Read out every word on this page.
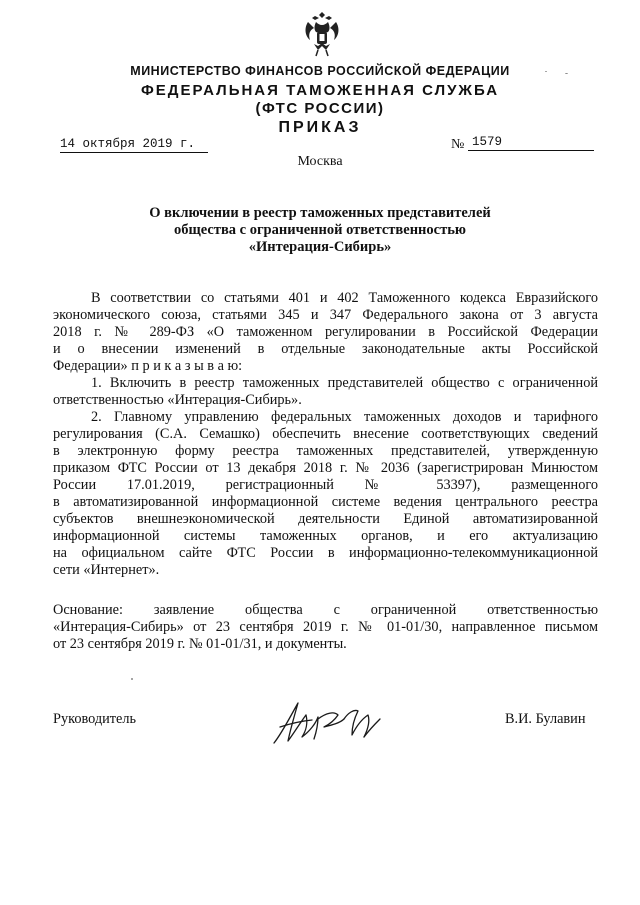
МИНИСТЕРСТВО ФИНАНСОВ РОССИЙСКОЙ ФЕДЕРАЦИИ
ФЕДЕРАЛЬНАЯ ТАМОЖЕННАЯ СЛУЖБА
(ФТС РОССИИ)
ПРИКАЗ
14 октября 2019 г.	№ 1579
Москва
О включении в реестр таможенных представителей
общества с ограниченной ответственностью
«Интерация-Сибирь»
В соответствии со статьями 401 и 402 Таможенного кодекса Евразийского
экономического союза, статьями 345 и 347 Федерального закона от 3 августа
2018 г. № 289-ФЗ «О таможенном регулировании в Российской Федерации
и о внесении изменений в отдельные законодательные акты Российской
Федерации» п р и к а з ы в а ю:
1. Включить в реестр таможенных представителей общество с ограниченной
ответственностью «Интерация-Сибирь».
2. Главному управлению федеральных таможенных доходов и тарифного
регулирования (С.А. Семашко) обеспечить внесение соответствующих сведений
в электронную форму реестра таможенных представителей, утвержденную
приказом ФТС России от 13 декабря 2018 г. № 2036 (зарегистрирован Минюстом
России 17.01.2019, регистрационный № 53397), размещенного
в автоматизированной информационной системе ведения центрального реестра
субъектов внешнеэкономической деятельности Единой автоматизированной
информационной системы таможенных органов, и его актуализацию
на официальном сайте ФТС России в информационно-телекоммуникационной
сети «Интернет».
Основание: заявление общества с ограниченной ответственностью
«Интерация-Сибирь» от 23 сентября 2019 г. № 01-01/30, направленное письмом
от 23 сентября 2019 г. № 01-01/31, и документы.
Руководитель	В.И. Булавин
